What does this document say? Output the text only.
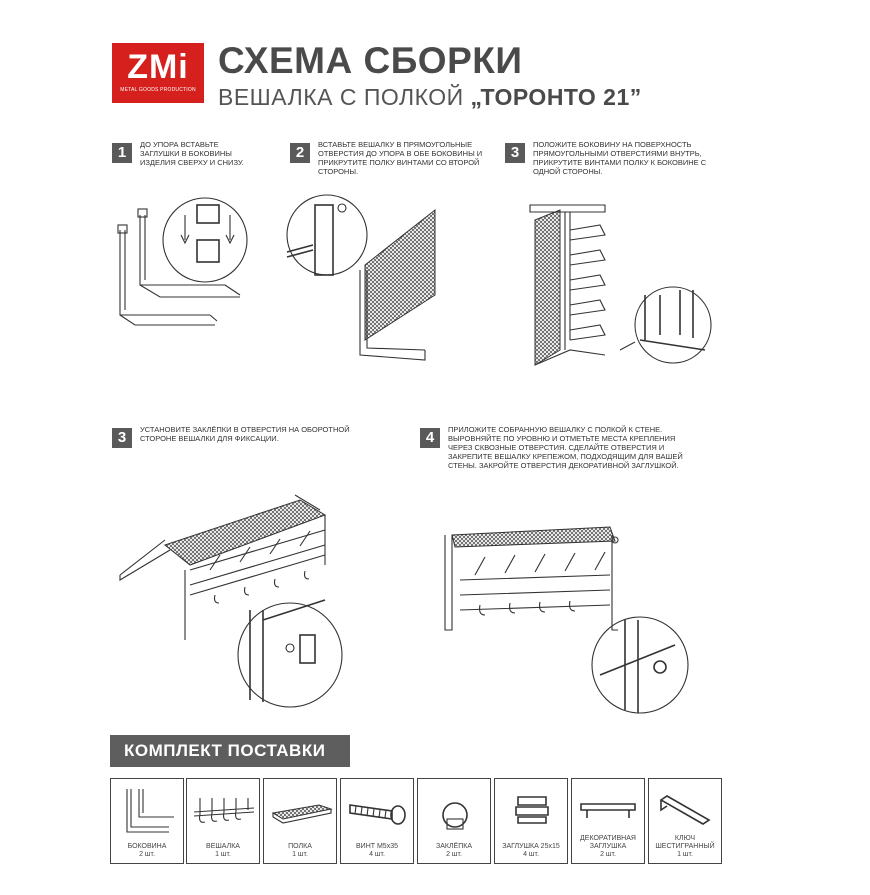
ZMi
METAL GOODS PRODUCTION
СХЕМА СБОРКИ
ВЕШАЛКА С ПОЛКОЙ „ТОРОНТО 21”
1	ДО УПОРА ВСТАВЬТЕ ЗАГЛУШКИ В БОКОВИНЫ ИЗДЕЛИЯ СВЕРХУ И СНИЗУ.
2	ВСТАВЬТЕ ВЕШАЛКУ В ПРЯМОУГОЛЬНЫЕ ОТВЕРСТИЯ ДО УПОРА В ОБЕ БОКОВИНЫ И ПРИКРУТИТЕ ПОЛКУ ВИНТАМИ СО ВТОРОЙ СТОРОНЫ.
3	ПОЛОЖИТЕ БОКОВИНУ НА ПОВЕРХНОСТЬ ПРЯМОУГОЛЬНЫМИ ОТВЕРСТИЯМИ ВНУТРЬ, ПРИКРУТИТЕ ВИНТАМИ ПОЛКУ К БОКОВИНЕ С ОДНОЙ СТОРОНЫ.
3	УСТАНОВИТЕ ЗАКЛЁПКИ В ОТВЕРСТИЯ НА ОБОРОТНОЙ СТОРОНЕ ВЕШАЛКИ ДЛЯ ФИКСАЦИИ.	4	ПРИЛОЖИТЕ СОБРАННУЮ ВЕШАЛКУ С ПОЛКОЙ К СТЕНЕ. ВЫРОВНЯЙТЕ ПО УРОВНЮ И ОТМЕТЬТЕ МЕСТА КРЕПЛЕНИЯ ЧЕРЕЗ СКВОЗНЫЕ ОТВЕРСТИЯ. СДЕЛАЙТЕ ОТВЕРСТИЯ И ЗАКРЕПИТЕ ВЕШАЛКУ КРЕПЕЖОМ, ПОДХОДЯЩИМ ДЛЯ ВАШЕЙ СТЕНЫ. ЗАКРОЙТЕ ОТВЕРСТИЯ ДЕКОРАТИВНОЙ ЗАГЛУШКОЙ.
КОМПЛЕКТ ПОСТАВКИ
БОКОВИНА
2 шт.
ВЕШАЛКА
1 шт.
ПОЛКА
1 шт.
ВИНТ М5х35
4 шт.
ЗАКЛЁПКА
2 шт.
ЗАГЛУШКА 25х15
4 шт.
ДЕКОРАТИВНАЯ ЗАГЛУШКА
2 шт.
КЛЮЧ ШЕСТИГРАННЫЙ
1 шт.
